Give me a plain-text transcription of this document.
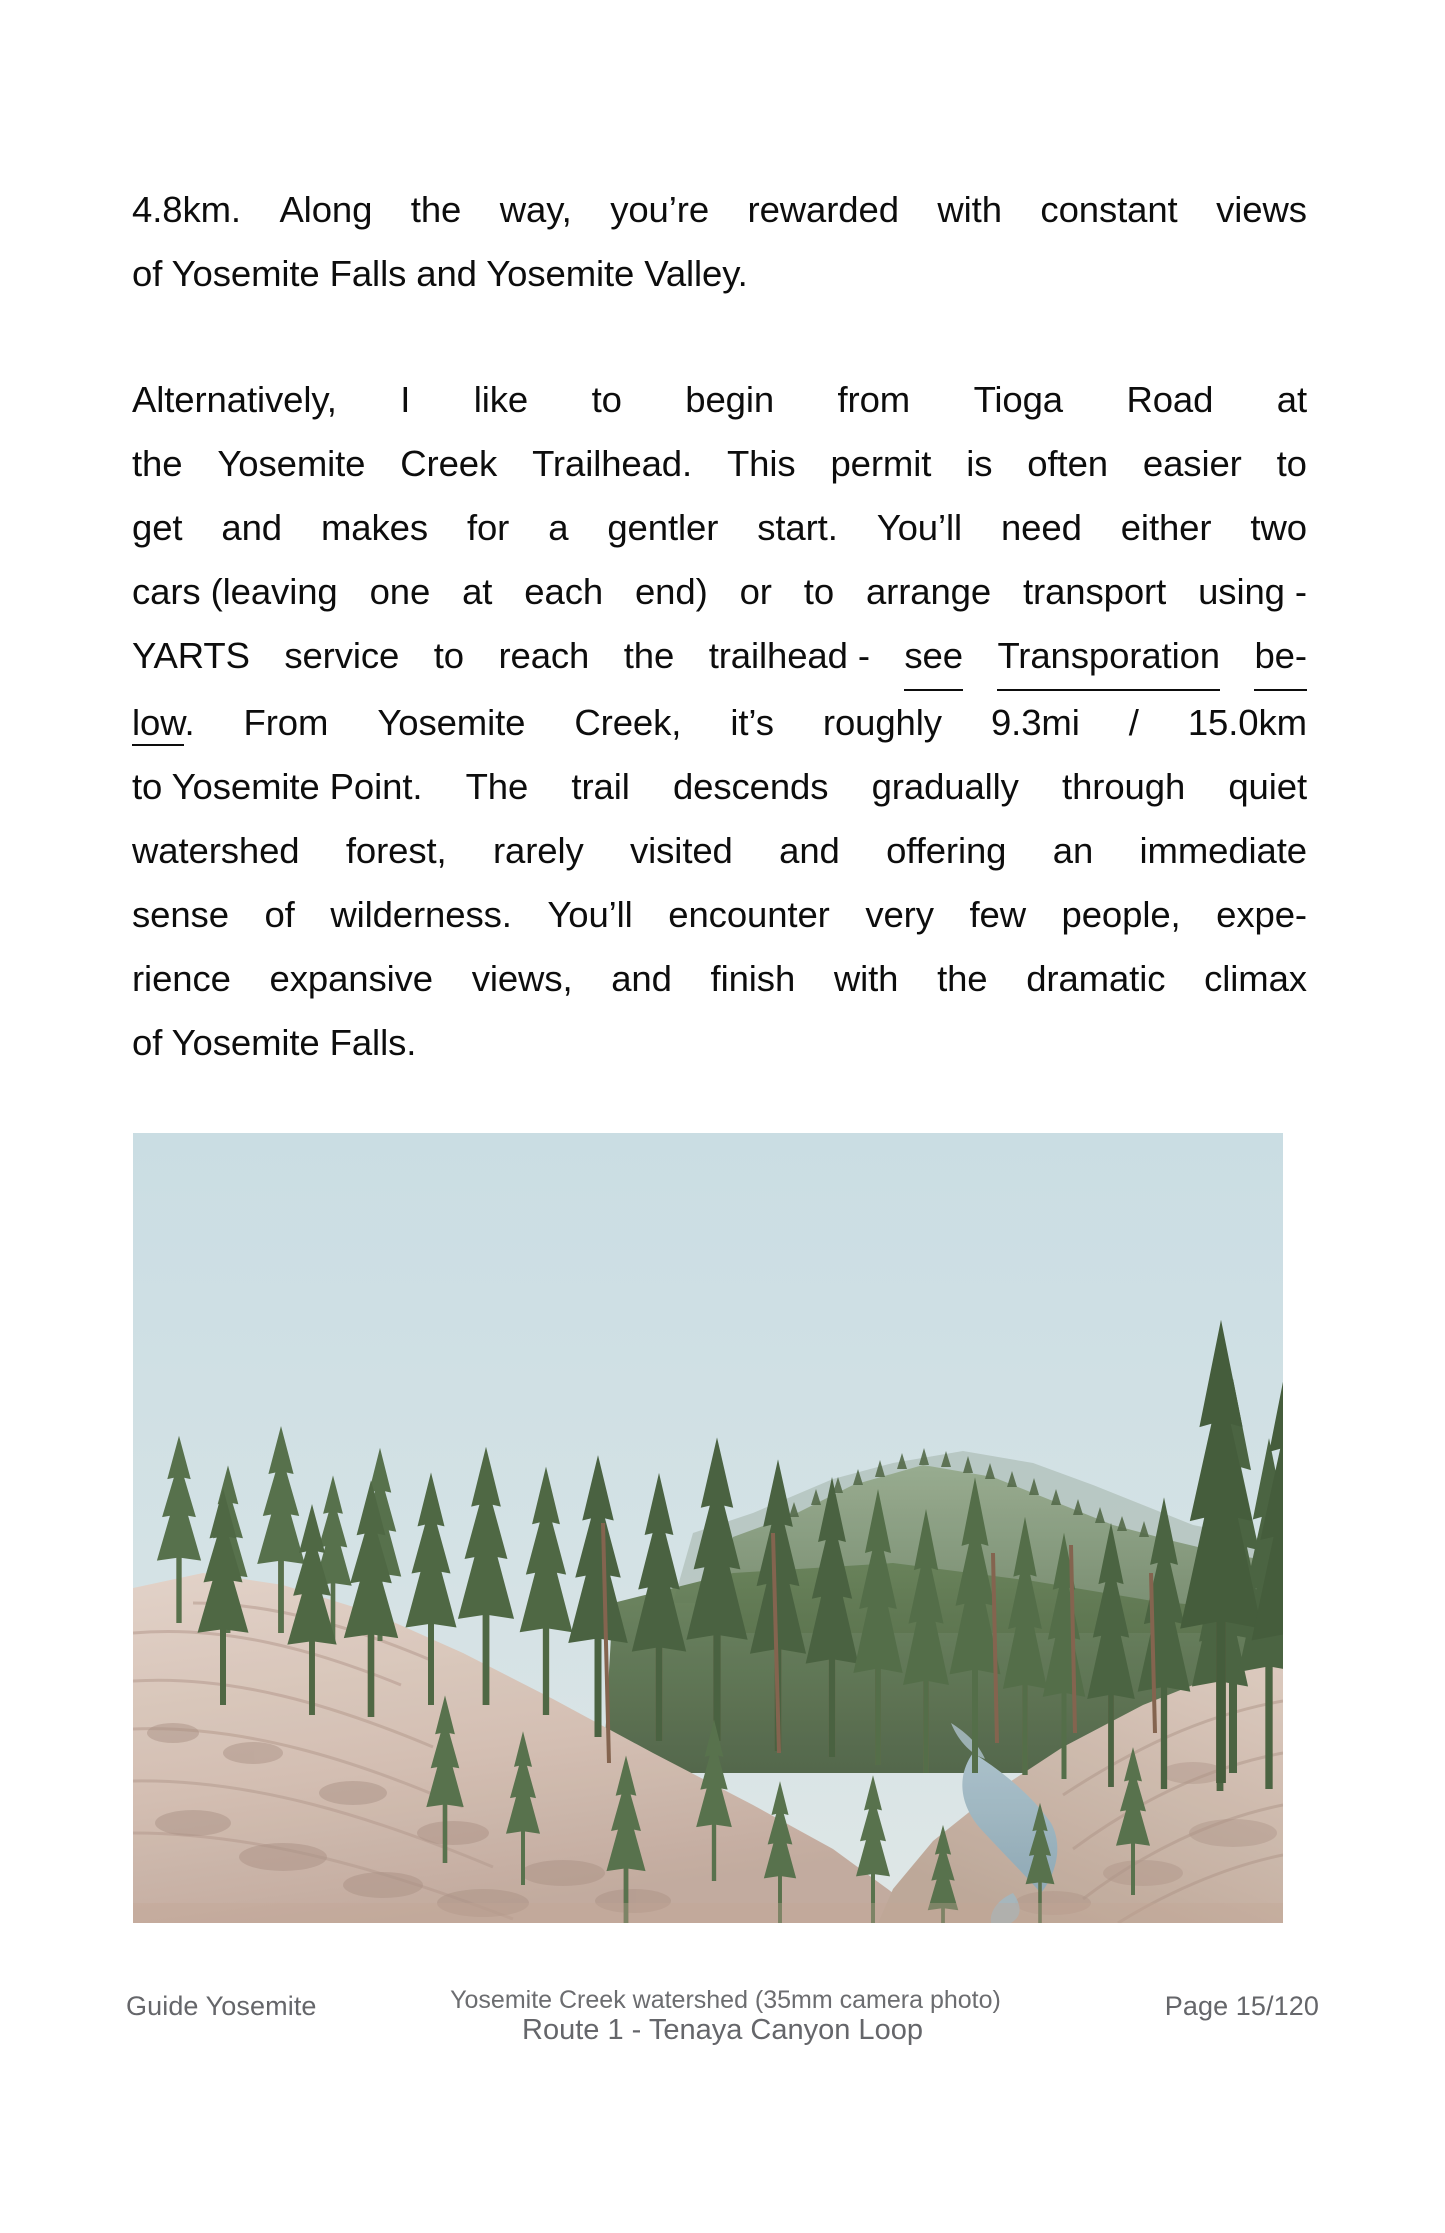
4.8km. Along the way, you’re rewarded with constant views
of Yosemite Falls and Yosemite Valley.
Alternatively, I like to begin from Tioga Road at
the Yosemite Creek Trailhead. This permit is often easier to
get and makes for a gentler start. You’ll need either two
cars (leaving one at each end) or to arrange transport using -
YARTS service to reach the trailhead - see Transporation be-
low. From Yosemite Creek, it’s roughly 9.3mi / 15.0km
to Yosemite Point. The trail descends gradually through quiet
watershed forest, rarely visited and offering an immediate
sense of wilderness. You’ll encounter very few people, expe-
rience expansive views, and finish with the dramatic climax
of Yosemite Falls.
Guide Yosemite	Yosemite Creek watershed (35mm camera photo)
Route 1 - Tenaya Canyon Loop
Page 15/120
